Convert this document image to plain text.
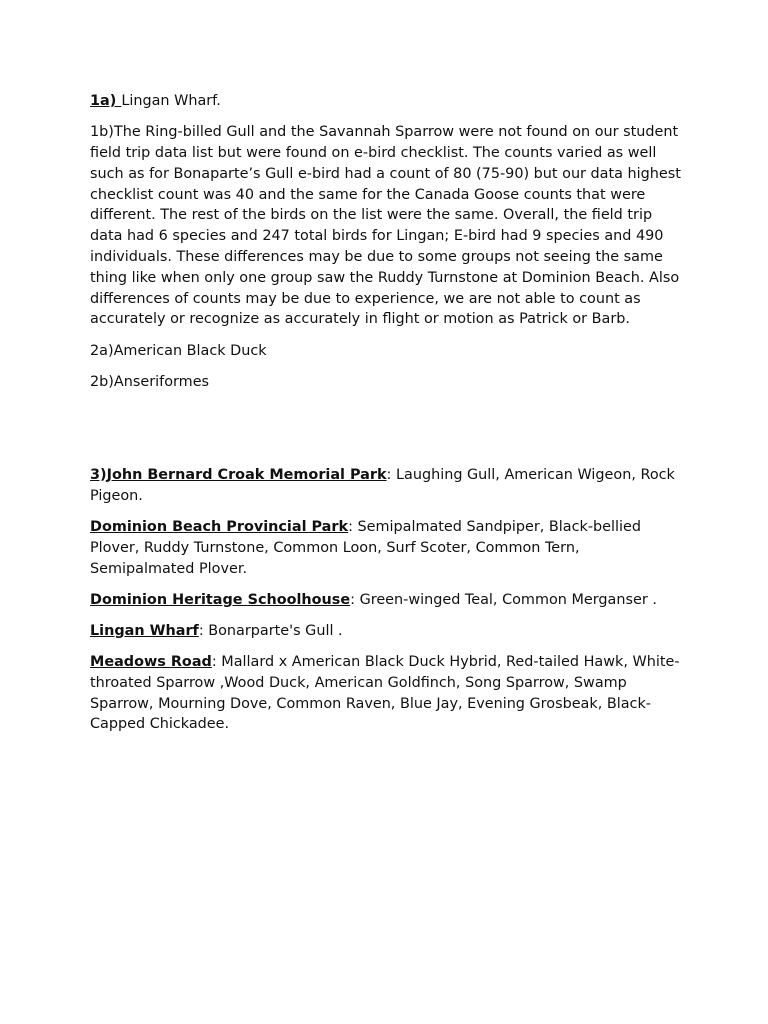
1a) Lingan Wharf.

1b)The Ring-billed Gull and the Savannah Sparrow were not found on our student field trip data list but were found on e-bird checklist. The counts varied as well such as for Bonaparte’s Gull e-bird had a count of 80 (75-90) but our data highest checklist count was 40 and the same for the Canada Goose counts that were different. The rest of the birds on the list were the same. Overall, the field trip data had 6 species and 247 total birds for Lingan; E-bird had 9 species and 490 individuals. These differences may be due to some groups not seeing the same thing like when only one group saw the Ruddy Turnstone at Dominion Beach. Also differences of counts may be due to experience, we are not able to count as accurately or recognize as accurately in flight or motion as Patrick or Barb.

2a)American Black Duck

2b)Anseriformes

3)John Bernard Croak Memorial Park: Laughing Gull, American Wigeon, Rock Pigeon.

Dominion Beach Provincial Park: Semipalmated Sandpiper, Black-bellied Plover, Ruddy Turnstone, Common Loon, Surf Scoter, Common Tern, Semipalmated Plover.

Dominion Heritage Schoolhouse: Green-winged Teal, Common Merganser .

Lingan Wharf: Bonarparte's Gull .

Meadows Road: Mallard x American Black Duck Hybrid, Red-tailed Hawk, White-throated Sparrow ,Wood Duck, American Goldfinch, Song Sparrow, Swamp Sparrow, Mourning Dove, Common Raven, Blue Jay, Evening Grosbeak, Black-Capped Chickadee.
